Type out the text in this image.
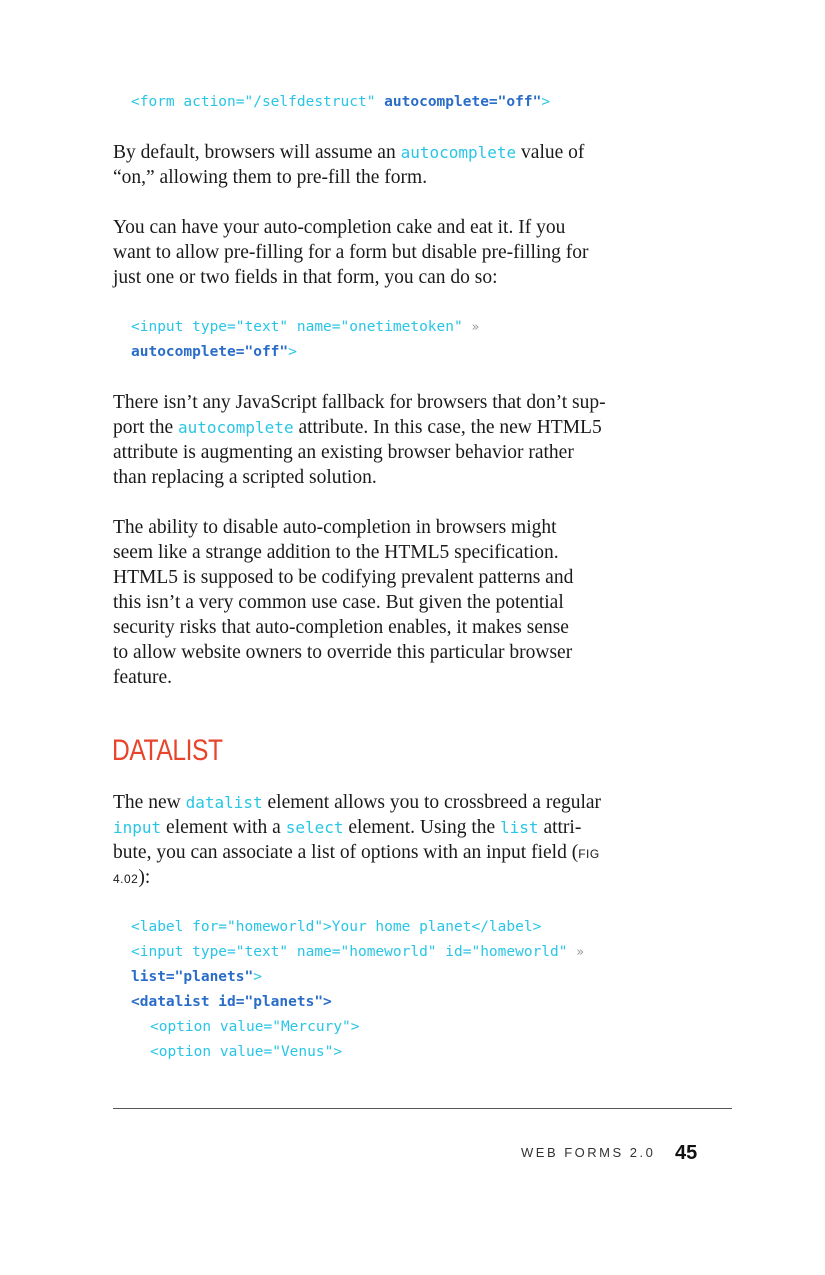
<form action="/selfdestruct" autocomplete="off">
By default, browsers will assume an autocomplete value of
“on,” allowing them to pre-fill the form.
You can have your auto-completion cake and eat it. If you
want to allow pre-filling for a form but disable pre-filling for
just one or two fields in that form, you can do so:
<input type="text" name="onetimetoken" »
autocomplete="off">
There isn’t any JavaScript fallback for browsers that don’t sup-
port the autocomplete attribute. In this case, the new HTML5
attribute is augmenting an existing browser behavior rather
than replacing a scripted solution.
The ability to disable auto-completion in browsers might
seem like a strange addition to the HTML5 specification.
HTML5 is supposed to be codifying prevalent patterns and
this isn’t a very common use case. But given the potential
security risks that auto-completion enables, it makes sense
to allow website owners to override this particular browser
feature.
DATALIST
The new datalist element allows you to crossbreed a regular
input element with a select element. Using the list attri-
bute, you can associate a list of options with an input field (FIG
4.02):
<label for="homeworld">Your home planet</label>
<input type="text" name="homeworld" id="homeworld" »
list="planets">
<datalist id="planets">
<option value="Mercury">
<option value="Venus">
WEB FORMS 2.0 45
